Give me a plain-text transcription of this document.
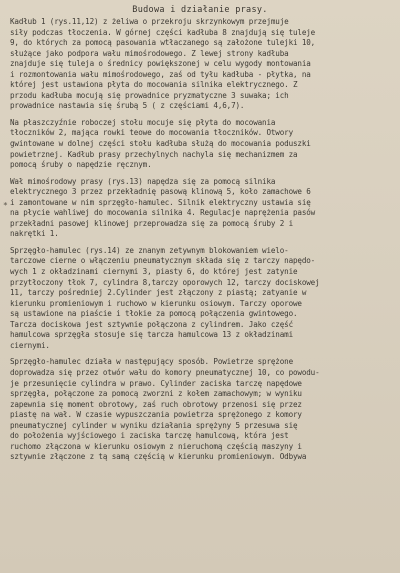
Budowa i działanie prasy.
*
Kadłub 1 (rys.11,12) z żeliwa o przekroju skrzynkowym przejmuje
siły podczas tłoczenia. W górnej części kadłuba 8 znajdują się tuleje
9, do których za pomocą pasowania wtłaczanego są założone tulejki 10,
służące jako podpora wału mimośrodowego. Z lewej strony kadłuba
znajduje się tuleja o średnicy powiększonej w celu wygody montowania
i rozmontowania wału mimośrodowego, zaś od tyłu kadłuba - płytka, na
której jest ustawiona płyta do mocowania silnika elektrycznego. Z
przodu kadłuba mocują się prowadnice pryzmatyczne 3 suwaka; ich
prowadnice nastawia się śrubą 5 ( z częściami 4,6,7).
Na płaszczyźnie roboczej stołu mocuje się płyta do mocowania
tłoczników 2, mająca rowki teowe do mocowania tłoczników. Otwory
gwintowane w dolnej części stołu kadłuba służą do mocowania poduszki
powietrznej. Kadłub prasy przechylnych nachyla się mechanizmem za
pomocą śruby o napędzie ręcznym.
Wał mimośrodowy prasy (rys.13) napędza się za pomocą silnika
elektrycznego 3 przez przekładnię pasową klinową 5, koło zamachowe 6
i zamontowane w nim sprzęgło-hamulec. Silnik elektryczny ustawia się
na płycie wahliwej do mocowania silnika 4. Regulacje naprężenia pasów
przekładni pasowej klinowej przeprowadza się za pomocą śruby 2 i
nakrętki 1.
Sprzęgło-hamulec (rys.14) ze znanym zetywnym blokowaniem wielo-
tarczowe cierne o włączeniu pneumatycznym składa się z tarczy napędo-
wych 1 z okładzinami ciernymi 3, piasty 6, do której jest zatynie
przytłoczony tłok 7, cylindra 8,tarczy oporowych 12, tarczy dociskowej
11, tarczy pośredniej 2.Cylinder jest złączony z piastą; zatyanie w
kierunku promieniowym i ruchowo w kierunku osiowym. Tarczy oporowe
są ustawione na piaście i tłokie za pomocą połączenia gwintowego.
Tarcza dociskowa jest sztywnie połączona z cylindrem. Jako część
hamulcowa sprzęgła stosuje się tarcza hamulcowa 13 z okładzinami
ciernymi.
Sprzęgło-hamulec działa w następujący sposób. Powietrze sprężone
doprowadza się przez otwór wału do komory pneumatycznej 10, co powodu-
je przesunięcie cylindra w prawo. Cylinder zaciska tarczę napędowe
sprzęgła, połączone za pomocą zworzni z kołem zamachowym; w wyniku
zapewnia się moment obrotowy, zaś ruch obrotowy przenosi się przez
piastę na wał. W czasie wypuszczania powietrza sprężonego z komory
pneumatycznej cylinder w wyniku działania sprężyny 5 przesuwa się
do położenia wyjściowego i zaciska tarczę hamulcową, która jest
ruchomo złączona w kierunku osiowym z nieruchomą częścią maszyny i
sztywnie złączone z tą samą częścią w kierunku promieniowym. Odbywa
